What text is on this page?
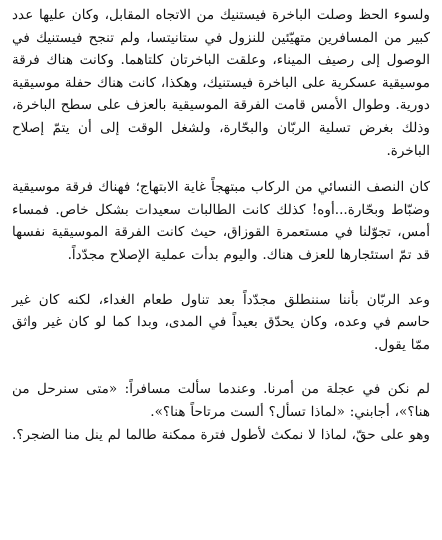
ولسوء الحظ وصلت الباخرة فيستنيك من الاتجاه المقابل، وكان عليها عدد كبير من المسافرين متهيّئين للنزول في ستانيتسا، ولم تنجح فيستنيك في الوصول إلى رصيف الميناء، وعلقت الباخرتان كلتاهما. وكانت هناك فرقة موسيقية عسكرية على الباخرة فيستنيك، وهكذا، كانت هناك حفلة موسيقية دورية. وطوال الأمس قامت الفرقة الموسيقية بالعزف على سطح الباخرة، وذلك بغرض تسلية الربّان والبحّارة، ولشغل الوقت إلى أن يتمّ إصلاح الباخرة.

كان النصف النسائي من الركاب مبتهجاً غاية الابتهاج؛ فهناك فرقة موسيقية وضبّاط وبحّارة...أوه! كذلك كانت الطالبات سعيدات بشكل خاص. فمساء أمس، تجوّلنا في مستعمرة القوزاق، حيث كانت الفرقة الموسيقية نفسها قد تمّ استئجارها للعزف هناك. واليوم بدأت عملية الإصلاح مجدّداً.

وعد الربّان بأننا سننطلق مجدّداً بعد تناول طعام الغداء، لكنه كان غير حاسم في وعده، وكان يحدّق بعيداً في المدى، وبدا كما لو كان غير واثق ممّا يقول.

لم نكن في عجلة من أمرنا. وعندما سألت مسافراً: «متى سنرحل من هنا؟»، أجابني: «لماذا تسأل؟ ألست مرتاحاً هنا؟».
وهو على حقّ، لماذا لا نمكث لأطول فترة ممكنة طالما لم ينل منا الضجر؟.
